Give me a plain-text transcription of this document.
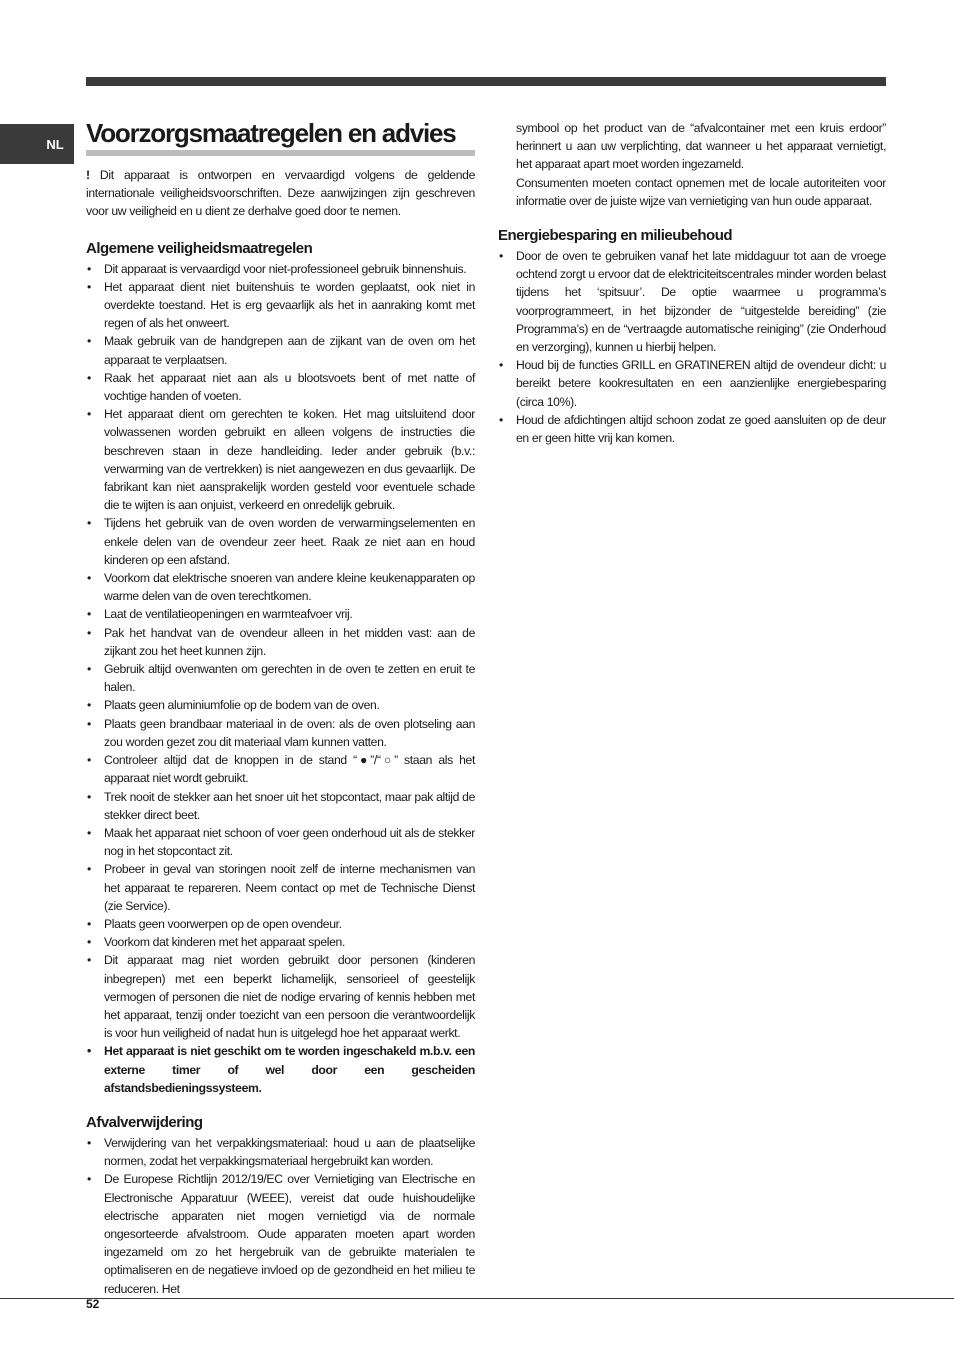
NL Voorzorgsmaatregelen en advies

! Dit apparaat is ontworpen en vervaardigd volgens de geldende internationale veiligheidsvoorschriften. Deze aanwijzingen zijn geschreven voor uw veiligheid en u dient ze derhalve goed door te nemen.

Algemene veiligheidsmaatregelen
• Dit apparaat is vervaardigd voor niet-professioneel gebruik binnenshuis.
• Het apparaat dient niet buitenshuis te worden geplaatst, ook niet in overdekte toestand. Het is erg gevaarlijk als het in aanraking komt met regen of als het onweert.
• Maak gebruik van de handgrepen aan de zijkant van de oven om het apparaat te verplaatsen.
• Raak het apparaat niet aan als u blootsvoets bent of met natte of vochtige handen of voeten.
• Het apparaat dient om gerechten te koken. Het mag uitsluitend door volwassenen worden gebruikt en alleen volgens de instructies die beschreven staan in deze handleiding. Ieder ander gebruik (b.v.: verwarming van de vertrekken) is niet aangewezen en dus gevaarlijk. De fabrikant kan niet aansprakelijk worden gesteld voor eventuele schade die te wijten is aan onjuist, verkeerd en onredelijk gebruik.
• Tijdens het gebruik van de oven worden de verwarmingselementen en enkele delen van de ovendeur zeer heet. Raak ze niet aan en houd kinderen op een afstand.
• Voorkom dat elektrische snoeren van andere kleine keukenapparaten op warme delen van de oven terechtkomen.
• Laat de ventilatieopeningen en warmteafvoer vrij.
• Pak het handvat van de ovendeur alleen in het midden vast: aan de zijkant zou het heet kunnen zijn.
• Gebruik altijd ovenwanten om gerechten in de oven te zetten en eruit te halen.
• Plaats geen aluminiumfolie op de bodem van de oven.
• Plaats geen brandbaar materiaal in de oven: als de oven plotseling aan zou worden gezet zou dit materiaal vlam kunnen vatten.
• Controleer altijd dat de knoppen in de stand “●”/“○” staan als het apparaat niet wordt gebruikt.
• Trek nooit de stekker aan het snoer uit het stopcontact, maar pak altijd de stekker direct beet.
• Maak het apparaat niet schoon of voer geen onderhoud uit als de stekker nog in het stopcontact zit.
• Probeer in geval van storingen nooit zelf de interne mechanismen van het apparaat te repareren. Neem contact op met de Technische Dienst (zie Service).
• Plaats geen voorwerpen op de open ovendeur.
• Voorkom dat kinderen met het apparaat spelen.
• Dit apparaat mag niet worden gebruikt door personen (kinderen inbegrepen) met een beperkt lichamelijk, sensorieel of geestelijk vermogen of personen die niet de nodige ervaring of kennis hebben met het apparaat, tenzij onder toezicht van een persoon die verantwoordelijk is voor hun veiligheid of nadat hun is uitgelegd hoe het apparaat werkt.
• Het apparaat is niet geschikt om te worden ingeschakeld m.b.v. een externe timer of wel door een gescheiden afstandsbedieningssysteem.
Afvalverwijdering
• Verwijdering van het verpakkingsmateriaal: houd u aan de plaatselijke normen, zodat het verpakkingsmateriaal hergebruikt kan worden.
• De Europese Richtlijn 2012/19/EC over Vernietiging van Electrische en Electronische Apparatuur (WEEE), vereist dat oude huishoudelijke electrische apparaten niet mogen vernietigd via de normale ongesorteerde afvalstroom. Oude apparaten moeten apart worden ingezameld om zo het hergebruik van de gebruikte materialen te optimaliseren en de negatieve invloed op de gezondheid en het milieu te reduceren. Het

symbool op het product van de “afvalcontainer met een kruis erdoor” herinnert u aan uw verplichting, dat wanneer u het apparaat vernietigt, het apparaat apart moet worden ingezameld.

Consumenten moeten contact opnemen met de locale autoriteiten voor informatie over de juiste wijze van vernietiging van hun oude apparaat.

Energiebesparing en milieubehoud
• Door de oven te gebruiken vanaf het late middaguur tot aan de vroege ochtend zorgt u ervoor dat de elektriciteitscentrales minder worden belast tijdens het ‘spitsuur’. De optie waarmee u programma’s voorprogrammeert, in het bijzonder de “uitgestelde bereiding” (zie Programma’s) en de “vertraagde automatische reiniging” (zie Onderhoud en verzorging), kunnen u hierbij helpen.
• Houd bij de functies GRILL en GRATINEREN altijd de ovendeur dicht: u bereikt betere kookresultaten en een aanzienlijke energiebesparing (circa 10%).
• Houd de afdichtingen altijd schoon zodat ze goed aansluiten op de deur en er geen hitte vrij kan komen.
52
